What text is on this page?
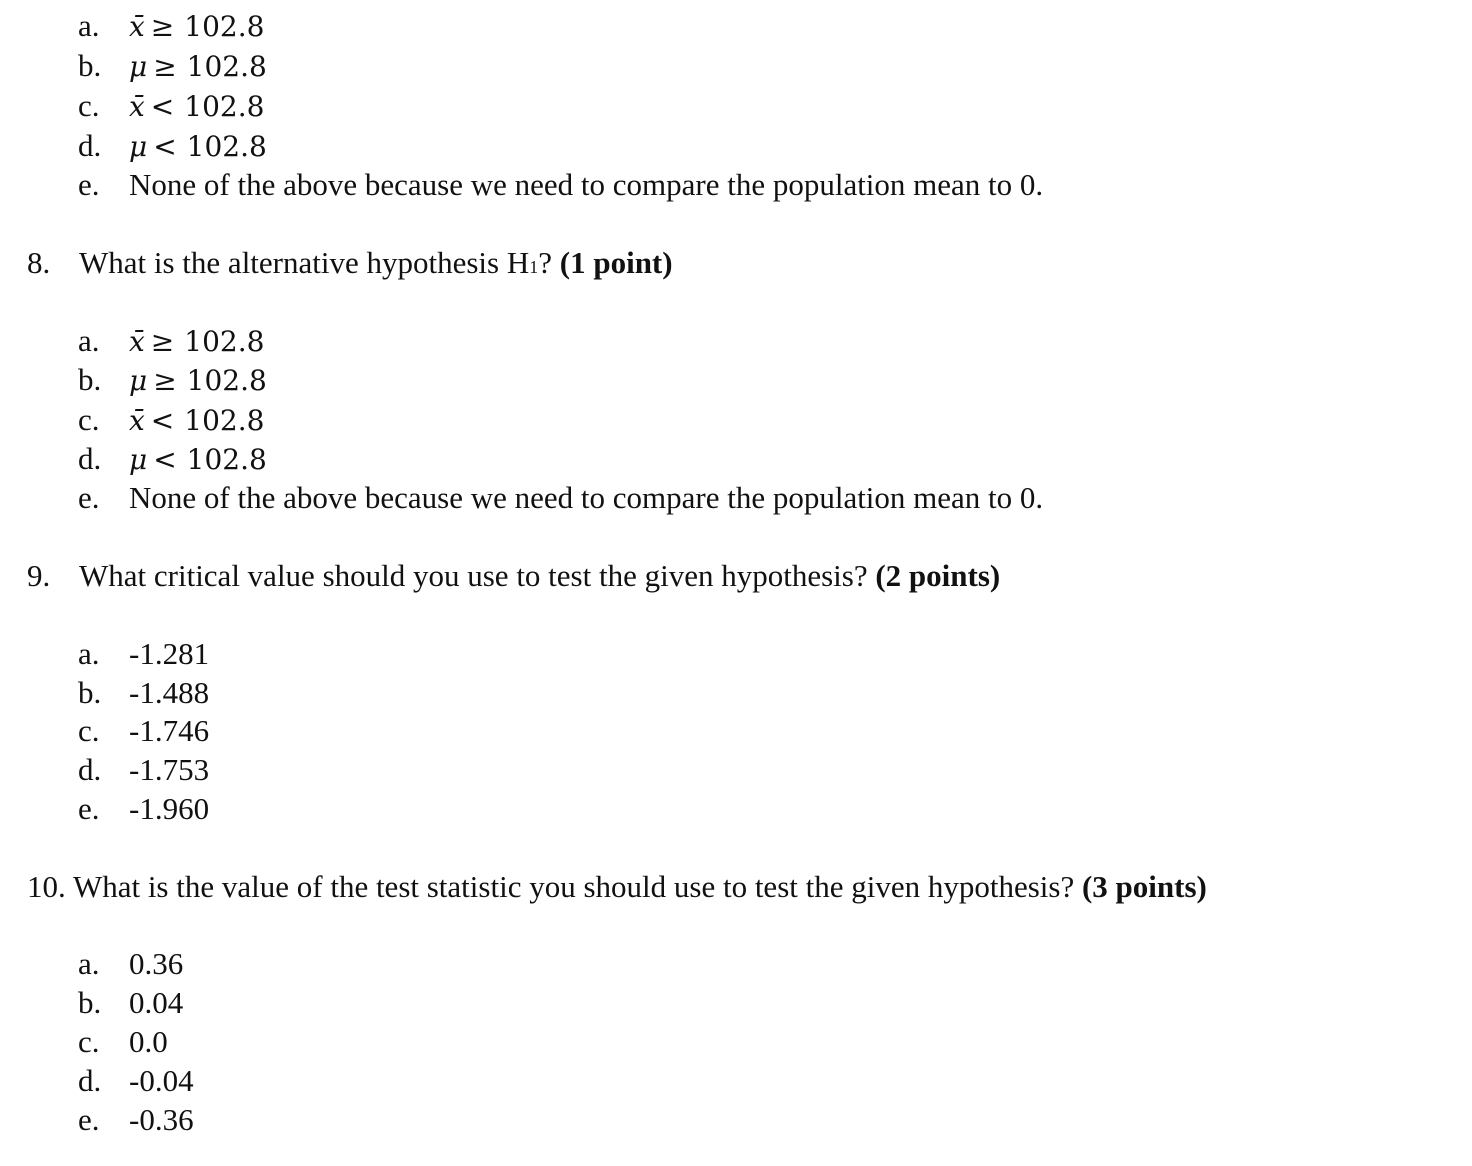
a. x̄ ≥ 102.8
b. μ ≥ 102.8
c. x̄ < 102.8
d. μ < 102.8
e. None of the above because we need to compare the population mean to 0.
8. What is the alternative hypothesis H1? (1 point)
a. x̄ ≥ 102.8
b. μ ≥ 102.8
c. x̄ < 102.8
d. μ < 102.8
e. None of the above because we need to compare the population mean to 0.
9. What critical value should you use to test the given hypothesis? (2 points)
a. -1.281
b. -1.488
c. -1.746
d. -1.753
e. -1.960
10. What is the value of the test statistic you should use to test the given hypothesis? (3 points)
a. 0.36
b. 0.04
c. 0.0
d. -0.04
e. -0.36
